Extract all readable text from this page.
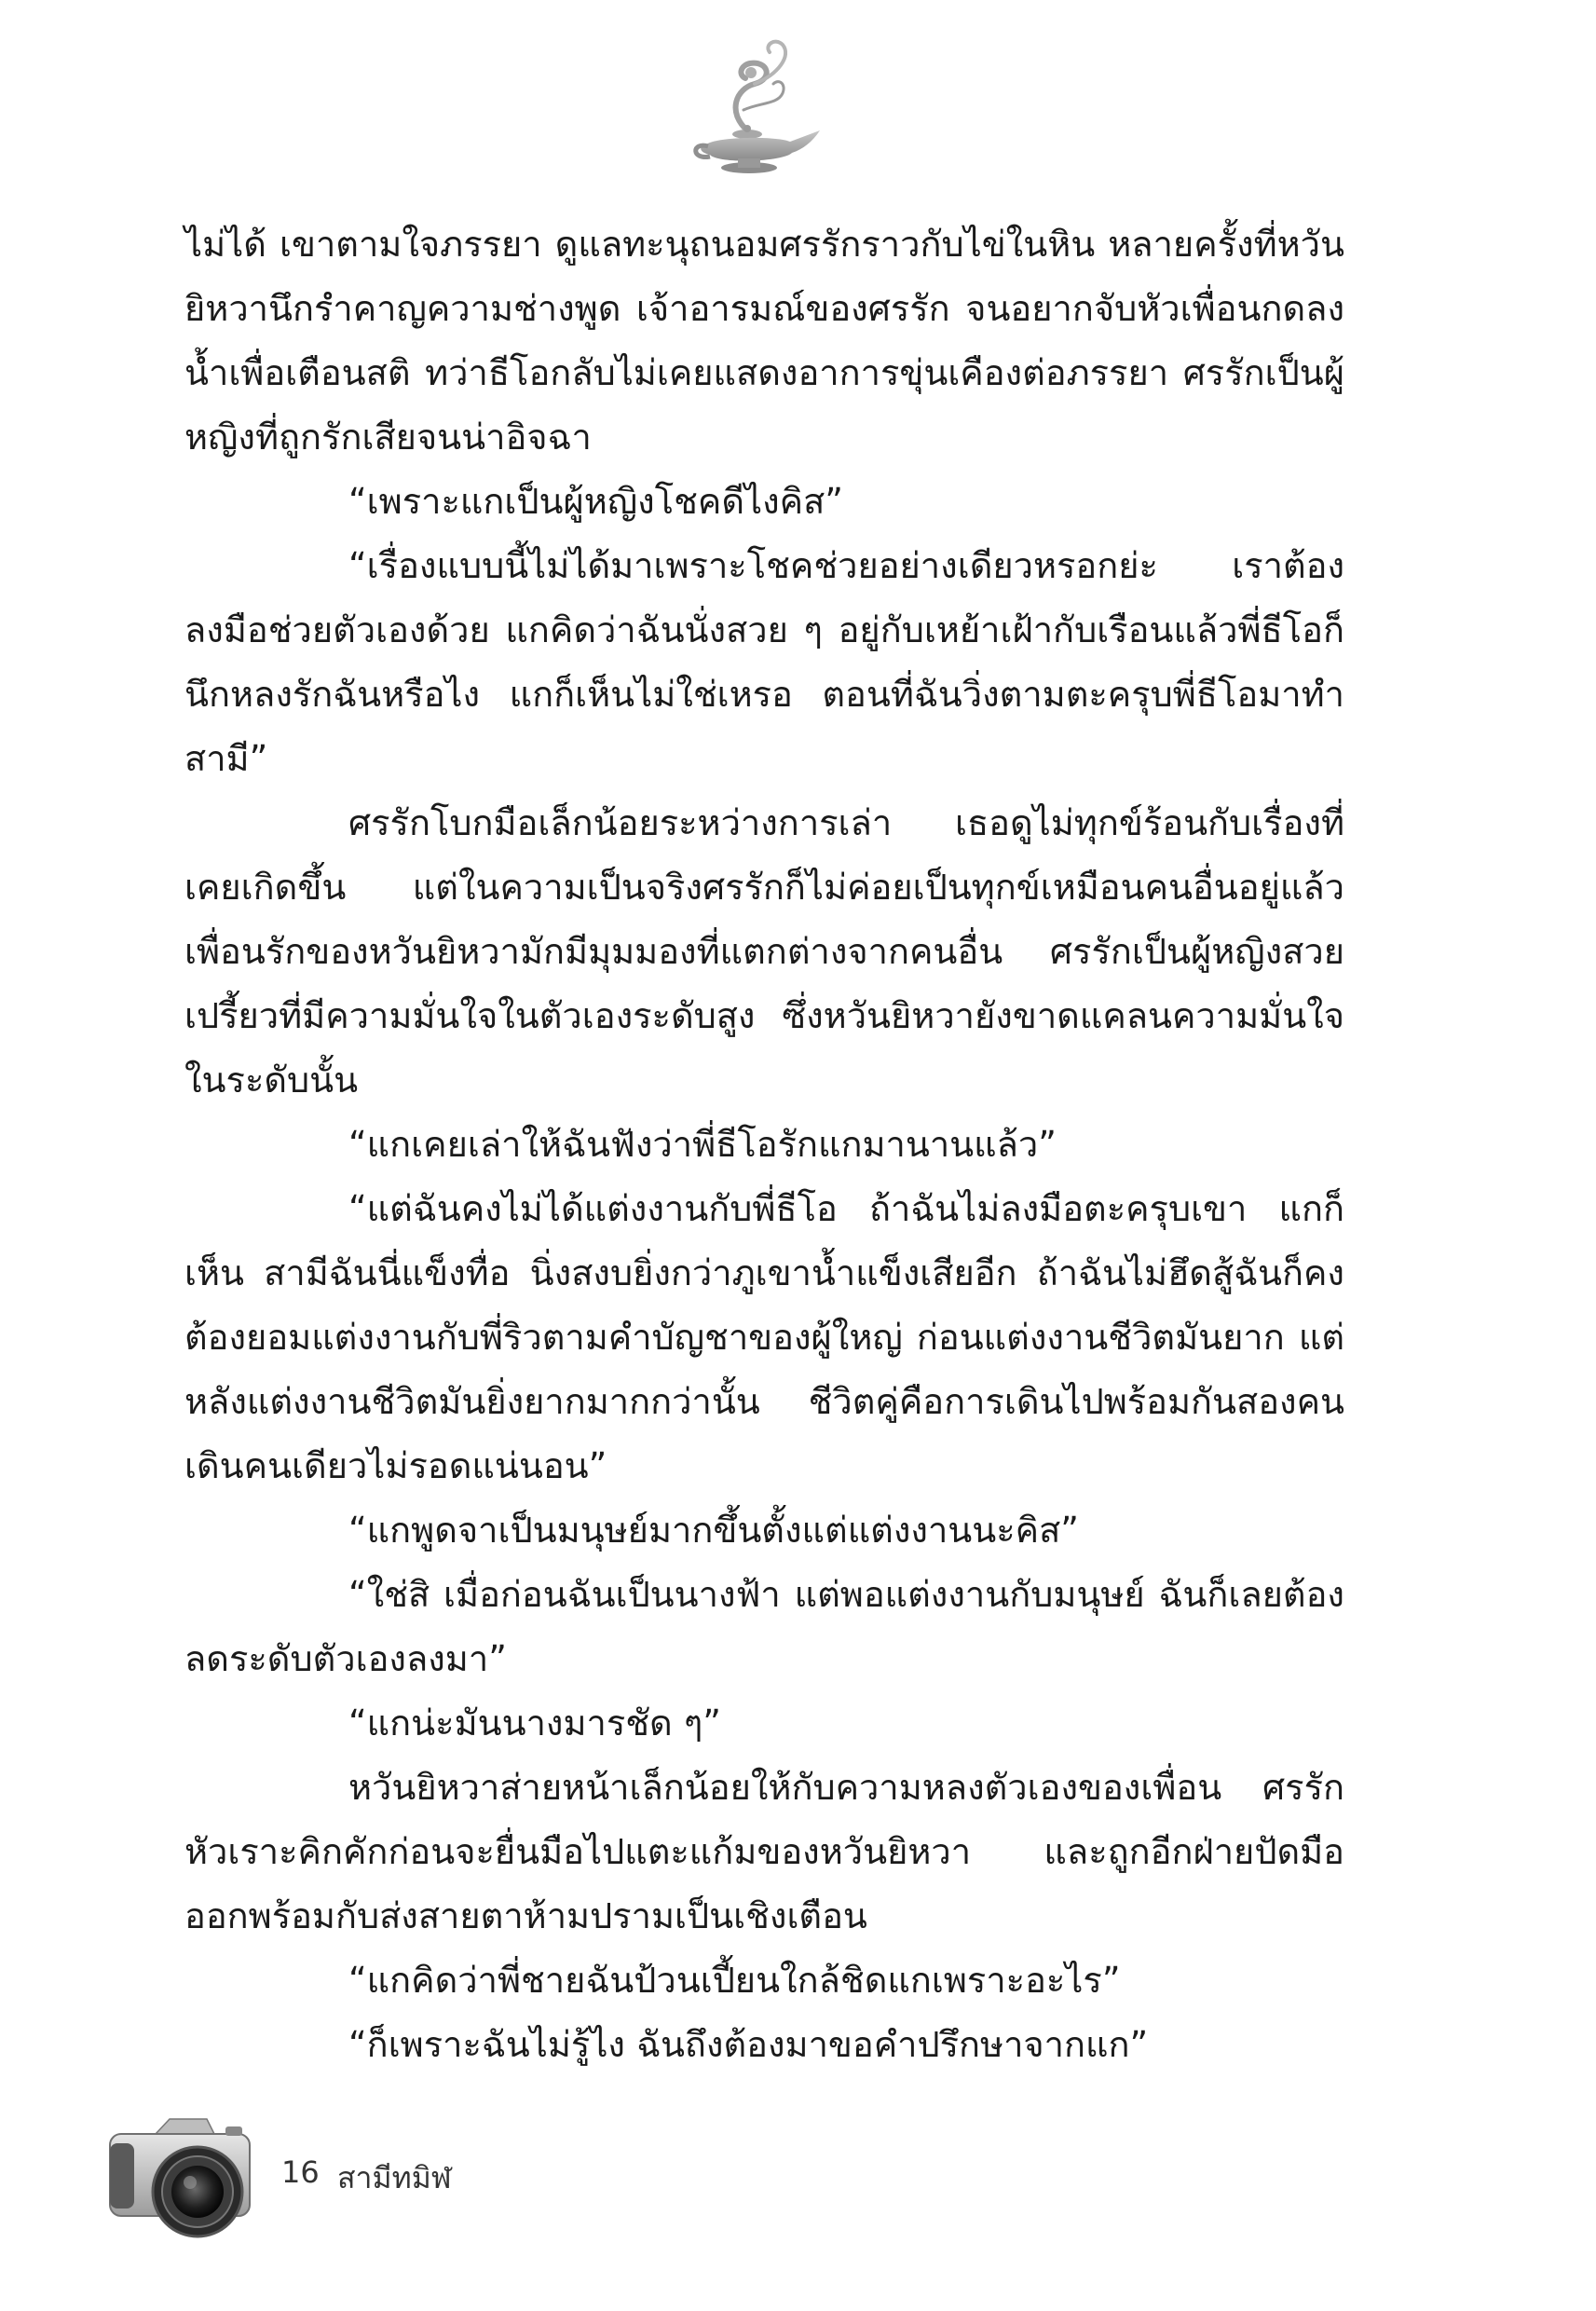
ไม่ได้ เขาตามใจภรรยา ดูแลทะนุถนอมศรรักราวกับไข่ในหิน หลายครั้งที่หวันยิหวานึกรำคาญความช่างพูด เจ้าอารมณ์ของศรรัก จนอยากจับหัวเพื่อนกดลงน้ำเพื่อเตือนสติ ทว่าธีโอกลับไม่เคยแสดงอาการขุ่นเคืองต่อภรรยา ศรรักเป็นผู้หญิงที่ถูกรักเสียจนน่าอิจฉา

“เพราะแกเป็นผู้หญิงโชคดีไงคิส”

“เรื่องแบบนี้ไม่ได้มาเพราะโชคช่วยอย่างเดียวหรอกย่ะ เราต้องลงมือช่วยตัวเองด้วย แกคิดว่าฉันนั่งสวย ๆ อยู่กับเหย้าเฝ้ากับเรือนแล้วพี่ธีโอก็นึกหลงรักฉันหรือไง แกก็เห็นไม่ใช่เหรอ ตอนที่ฉันวิ่งตามตะครุบพี่ธีโอมาทำสามี”

ศรรักโบกมือเล็กน้อยระหว่างการเล่า เธอดูไม่ทุกข์ร้อนกับเรื่องที่เคยเกิดขึ้น แต่ในความเป็นจริงศรรักก็ไม่ค่อยเป็นทุกข์เหมือนคนอื่นอยู่แล้ว เพื่อนรักของหวันยิหวามักมีมุมมองที่แตกต่างจากคนอื่น ศรรักเป็นผู้หญิงสวยเปรี้ยวที่มีความมั่นใจในตัวเองระดับสูง ซึ่งหวันยิหวายังขาดแคลนความมั่นใจในระดับนั้น

“แกเคยเล่าให้ฉันฟังว่าพี่ธีโอรักแกมานานแล้ว”

“แต่ฉันคงไม่ได้แต่งงานกับพี่ธีโอ ถ้าฉันไม่ลงมือตะครุบเขา แกก็เห็น สามีฉันนี่แข็งทื่อ นิ่งสงบยิ่งกว่าภูเขาน้ำแข็งเสียอีก ถ้าฉันไม่ฮึดสู้ฉันก็คงต้องยอมแต่งงานกับพี่ริวตามคำบัญชาของผู้ใหญ่ ก่อนแต่งงานชีวิตมันยาก แต่หลังแต่งงานชีวิตมันยิ่งยากมากกว่านั้น ชีวิตคู่คือการเดินไปพร้อมกันสองคน เดินคนเดียวไม่รอดแน่นอน”

“แกพูดจาเป็นมนุษย์มากขึ้นตั้งแต่แต่งงานนะคิส”

“ใช่สิ เมื่อก่อนฉันเป็นนางฟ้า แต่พอแต่งงานกับมนุษย์ ฉันก็เลยต้องลดระดับตัวเองลงมา”

“แกน่ะมันนางมารชัด ๆ”

หวันยิหวาส่ายหน้าเล็กน้อยให้กับความหลงตัวเองของเพื่อน ศรรักหัวเราะคิกคักก่อนจะยื่นมือไปแตะแก้มของหวันยิหวา และถูกอีกฝ่ายปัดมือออกพร้อมกับส่งสายตาห้ามปรามเป็นเชิงเตือน

“แกคิดว่าพี่ชายฉันป้วนเปี้ยนใกล้ชิดแกเพราะอะไร”

“ก็เพราะฉันไม่รู้ไง ฉันถึงต้องมาขอคำปรึกษาจากแก”

16 สามีทมิฬ
